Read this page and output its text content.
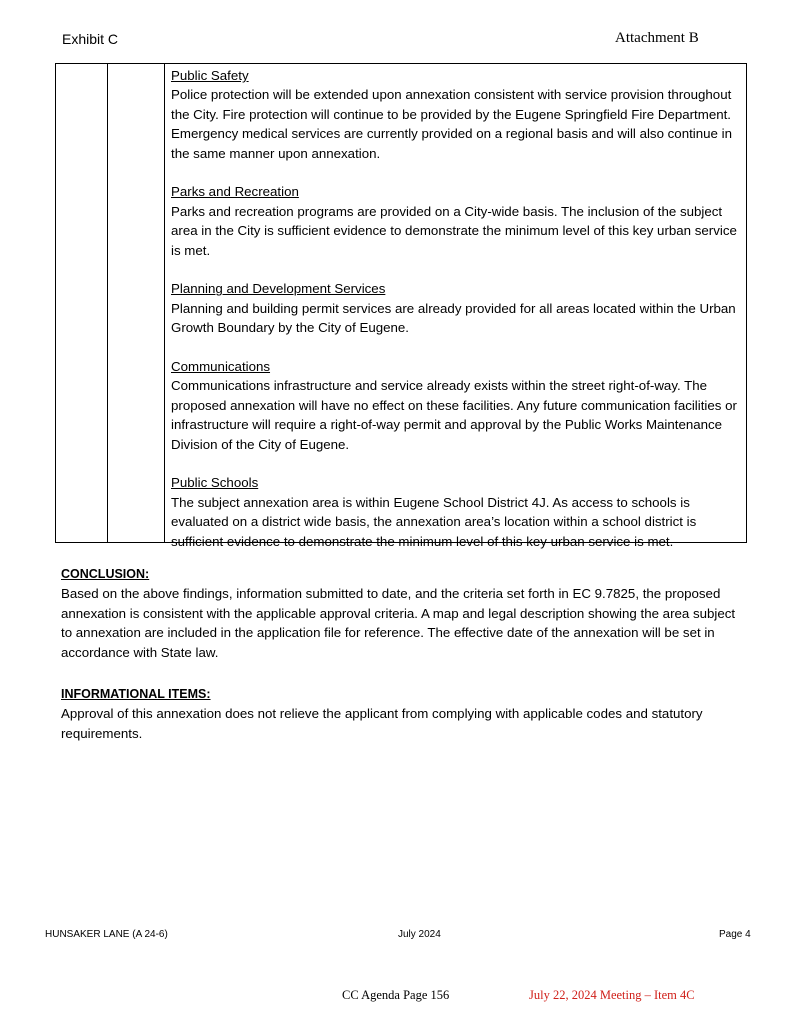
Exhibit C	Attachment B
Public Safety
Police protection will be extended upon annexation consistent with service provision throughout the City. Fire protection will continue to be provided by the Eugene Springfield Fire Department. Emergency medical services are currently provided on a regional basis and will also continue in the same manner upon annexation.
Parks and Recreation
Parks and recreation programs are provided on a City-wide basis. The inclusion of the subject area in the City is sufficient evidence to demonstrate the minimum level of this key urban service is met.
Planning and Development Services
Planning and building permit services are already provided for all areas located within the Urban Growth Boundary by the City of Eugene.
Communications
Communications infrastructure and service already exists within the street right-of-way. The proposed annexation will have no effect on these facilities. Any future communication facilities or infrastructure will require a right-of-way permit and approval by the Public Works Maintenance Division of the City of Eugene.
Public Schools
The subject annexation area is within Eugene School District 4J. As access to schools is evaluated on a district wide basis, the annexation area’s location within a school district is sufficient evidence to demonstrate the minimum level of this key urban service is met.
CONCLUSION:
Based on the above findings, information submitted to date, and the criteria set forth in EC 9.7825, the proposed annexation is consistent with the applicable approval criteria. A map and legal description showing the area subject to annexation are included in the application file for reference. The effective date of the annexation will be set in accordance with State law.
INFORMATIONAL ITEMS:
Approval of this annexation does not relieve the applicant from complying with applicable codes and statutory requirements.
HUNSAKER LANE (A 24-6)	July 2024	Page 4
CC Agenda Page 156	July 22, 2024 Meeting – Item 4C
